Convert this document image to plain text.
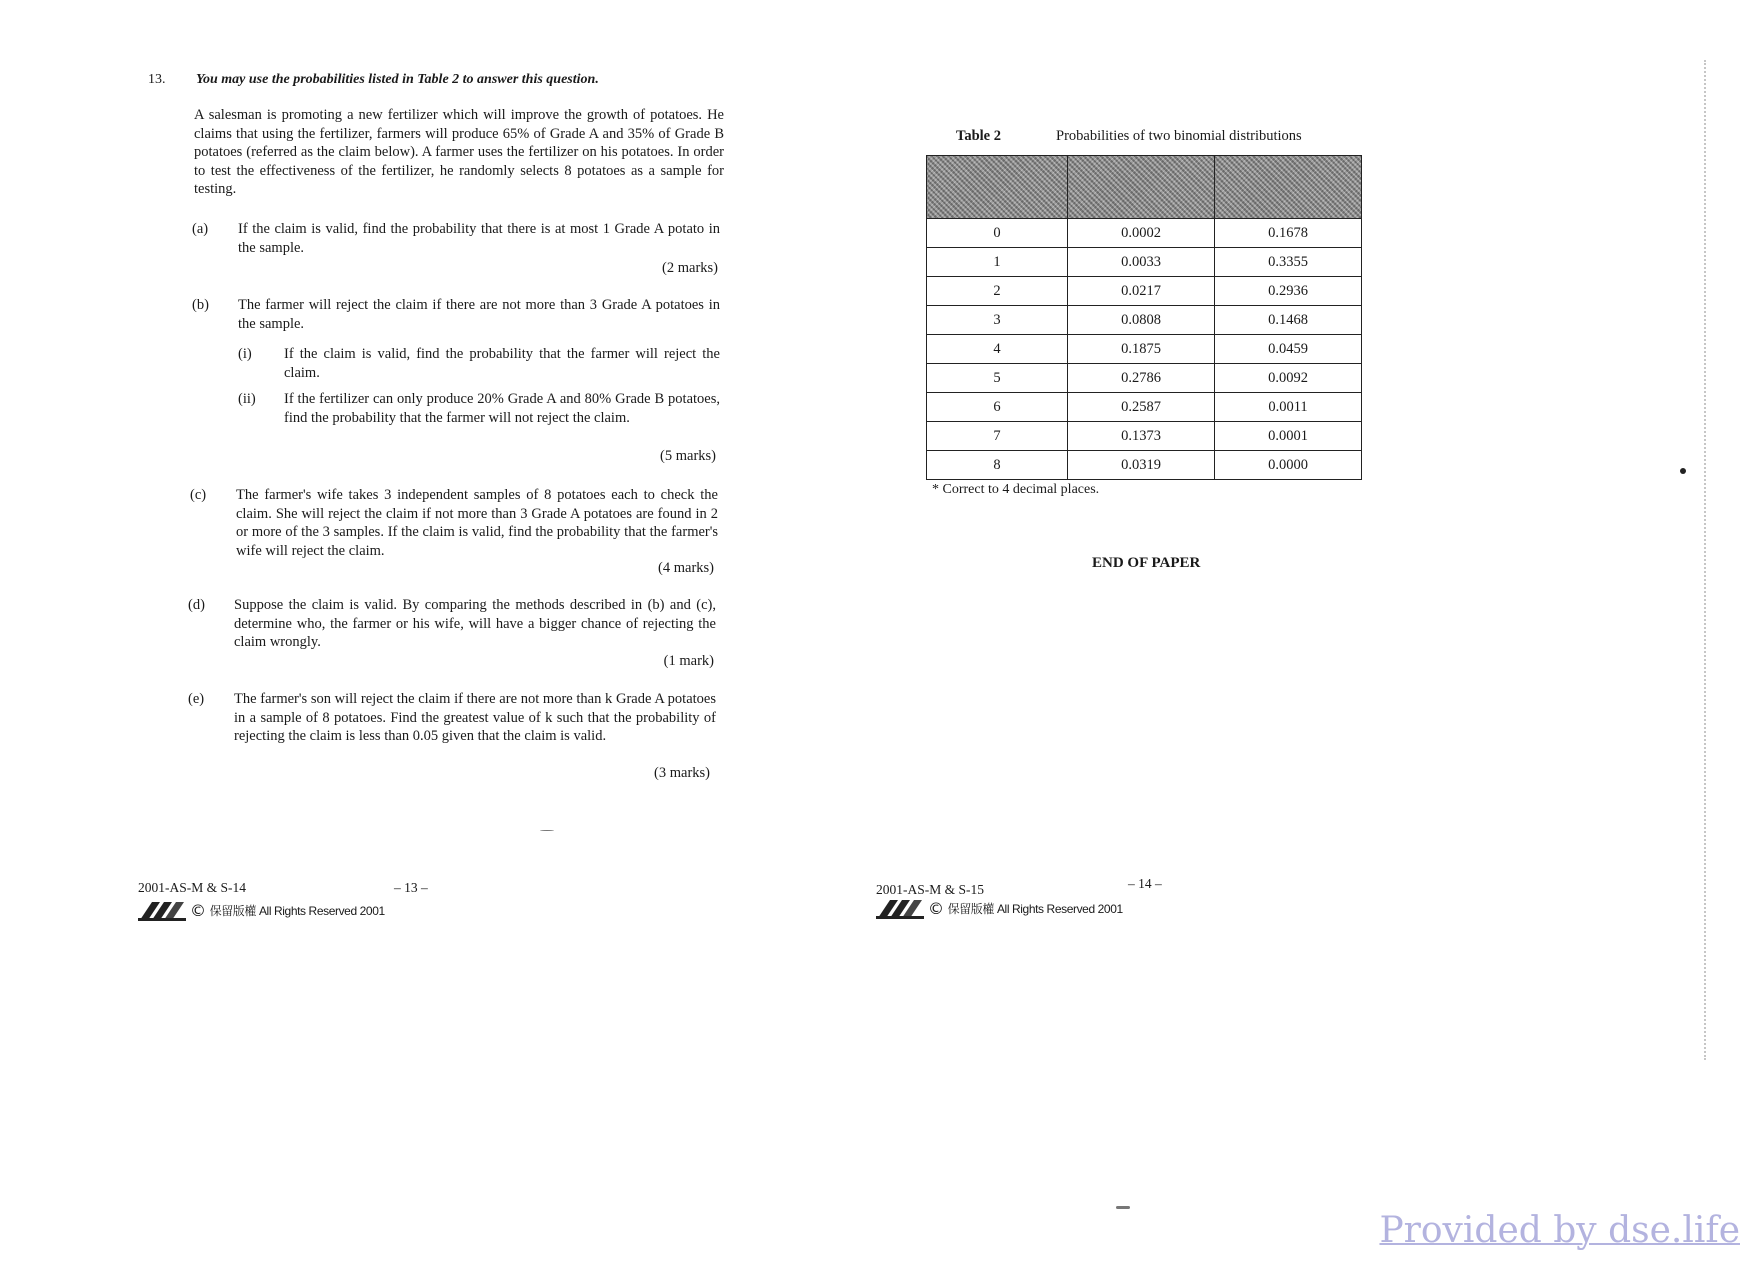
13. You may use the probabilities listed in Table 2 to answer this question.
A salesman is promoting a new fertilizer which will improve the growth of potatoes. He claims that using the fertilizer, farmers will produce 65% of Grade A and 35% of Grade B potatoes (referred as the claim below). A farmer uses the fertilizer on his potatoes. In order to test the effectiveness of the fertilizer, he randomly selects 8 potatoes as a sample for testing.
(a) If the claim is valid, find the probability that there is at most 1 Grade A potato in the sample.
(2 marks)
(b) The farmer will reject the claim if there are not more than 3 Grade A potatoes in the sample.
(i) If the claim is valid, find the probability that the farmer will reject the claim.
(ii) If the fertilizer can only produce 20% Grade A and 80% Grade B potatoes, find the probability that the farmer will not reject the claim.
(5 marks)
(c) The farmer's wife takes 3 independent samples of 8 potatoes each to check the claim. She will reject the claim if not more than 3 Grade A potatoes are found in 2 or more of the 3 samples. If the claim is valid, find the probability that the farmer's wife will reject the claim.
(4 marks)
(d) Suppose the claim is valid. By comparing the methods described in (b) and (c), determine who, the farmer or his wife, will have a bigger chance of rejecting the claim wrongly.
(1 mark)
(e) The farmer's son will reject the claim if there are not more than k Grade A potatoes in a sample of 8 potatoes. Find the greatest value of k such that the probability of rejecting the claim is less than 0.05 given that the claim is valid.
(3 marks)
2001-AS-M & S-14	– 13 –
© 保留版權 All Rights Reserved 2001
Table 2	Probabilities of two binomial distributions

0	0.0002	0.1678
1	0.0033	0.3355
2	0.0217	0.2936
3	0.0808	0.1468
4	0.1875	0.0459
5	0.2786	0.0092
6	0.2587	0.0011
7	0.1373	0.0001
8	0.0319	0.0000
* Correct to 4 decimal places.
END OF PAPER
2001-AS-M & S-15	– 14 –
© 保留版權 All Rights Reserved 2001
Provided by dse.life
